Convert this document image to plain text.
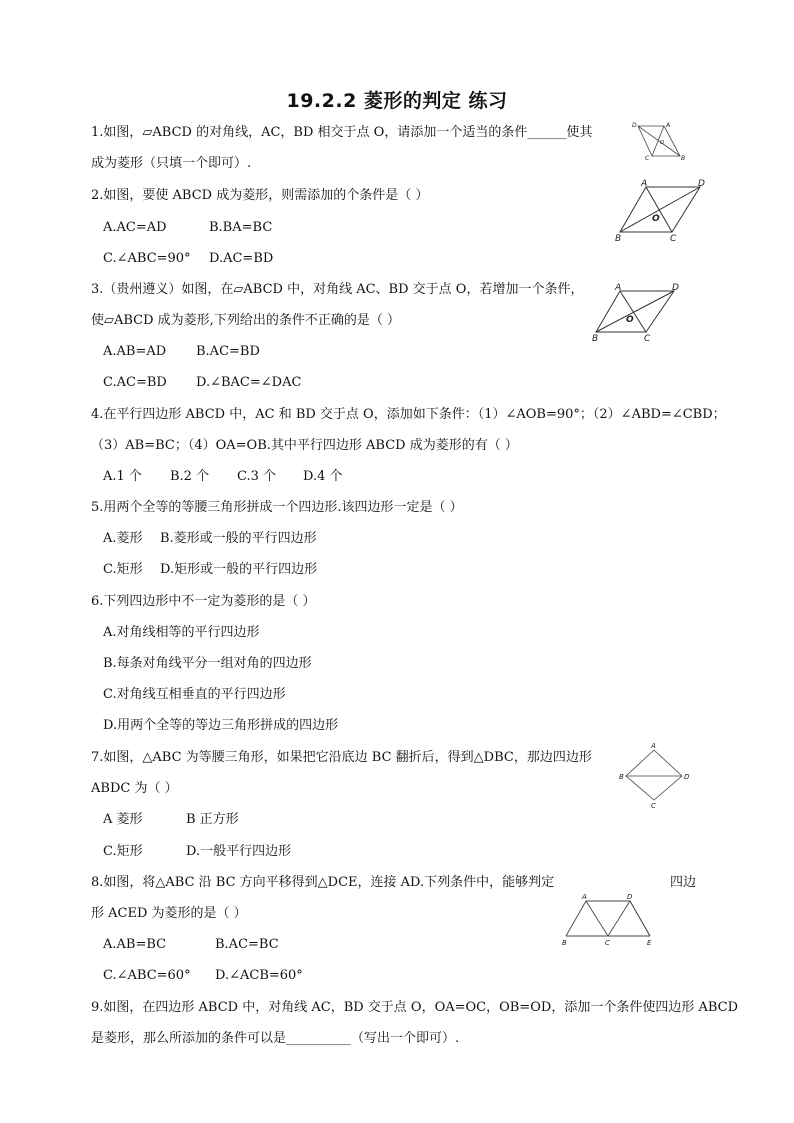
19.2.2 菱形的判定 练习
1.如图，▱ABCD 的对角线，AC，BD 相交于点 O，请添加一个适当的条件______使其
成为菱形（只填一个即可）.
D	A
C	B
O
2.如图，要使 ABCD 成为菱形，则需添加的个条件是（ ）
A.AC=AD	B.BA=BC
C.∠ABC=90° D.AC=BD
A	D
B	C
O
3.（贵州遵义）如图，在▱ABCD 中，对角线 AC、BD 交于点 O，若增加一个条件，
使▱ABCD 成为菱形,下列给出的条件不正确的是（ ）
A.AB=AD B.AC=BD
C.AC=BD D.∠BAC=∠DAC
A	D
B	C
O
4.在平行四边形 ABCD 中，AC 和 BD 交于点 O，添加如下条件：（1）∠AOB=90°；（2）∠ABD=∠CBD；
（3）AB=BC；（4）OA=OB.其中平行四边形 ABCD 成为菱形的有（ ）
A.1 个 B.2 个 C.3 个 D.4 个
5.用两个全等的等腰三角形拼成一个四边形.该四边形一定是（ ）
A.菱形 B.菱形或一般的平行四边形
C.矩形 D.矩形或一般的平行四边形
6.下列四边形中不一定为菱形的是（ ）
A.对角线相等的平行四边形
B.每条对角线平分一组对角的四边形
C.对角线互相垂直的平行四边形
D.用两个全等的等边三角形拼成的四边形
7.如图，△ABC 为等腰三角形，如果把它沿底边 BC 翻折后，得到△DBC，那边四边形
ABDC 为（ ）
A 菱形	B 正方形
C.矩形	D.一般平行四边形
A
B	D
C
8.如图，将△ABC 沿 BC 方向平移得到△DCE，连接 AD.下列条件中，能够判定	四边
形 ACED 为菱形的是（ ）
A.AB=BC	B.AC=BC
C.∠ABC=60° D.∠ACB=60°
A	D
B	C	E
9.如图，在四边形 ABCD 中，对角线 AC，BD 交于点 O，OA=OC，OB=OD，添加一个条件使四边形 ABCD
是菱形，那么所添加的条件可以是__________（写出一个即可）.
